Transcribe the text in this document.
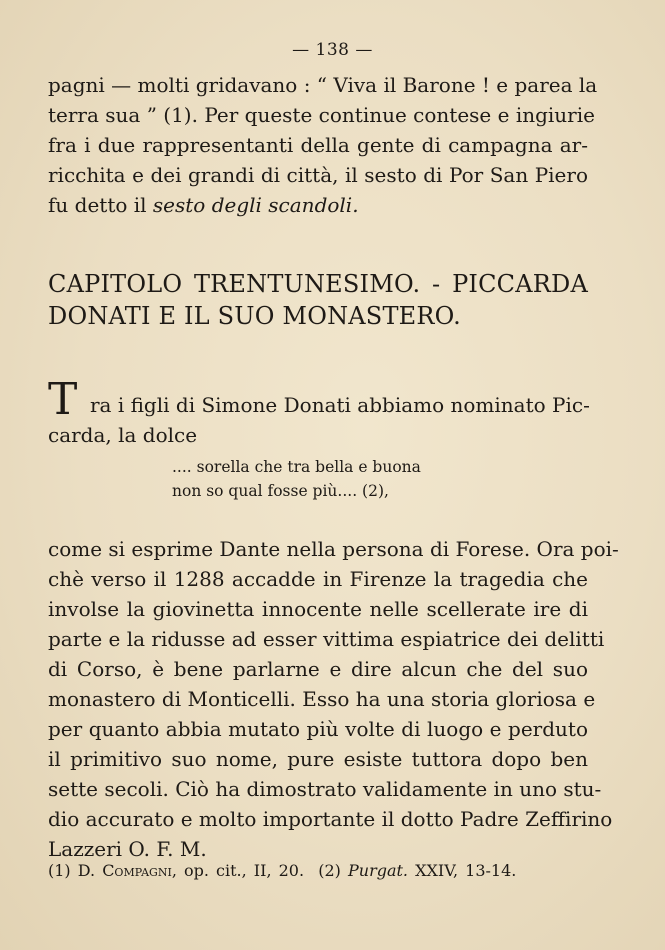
— 138 —
pagni — molti gridavano : “ Viva il Barone ! e parea la
terra sua ” (1). Per queste continue contese e ingiurie
fra i due rappresentanti della gente di campagna ar-
ricchita e dei grandi di città, il sesto di Por San Piero
fu detto il sesto degli scandoli.
CAPITOLO TRENTUNESIMO. - PICCARDA
DONATI E IL SUO MONASTERO.
T ra i figli di Simone Donati abbiamo nominato Pic-
carda, la dolce
.... sorella che tra bella e buona
non so qual fosse più.... (2),
come si esprime Dante nella persona di Forese. Ora poi-
chè verso il 1288 accadde in Firenze la tragedia che
involse la giovinetta innocente nelle scellerate ire di
parte e la ridusse ad esser vittima espiatrice dei delitti
di Corso, è bene parlarne e dire alcun che del suo
monastero di Monticelli. Esso ha una storia gloriosa e
per quanto abbia mutato più volte di luogo e perduto
il primitivo suo nome, pure esiste tuttora dopo ben
sette secoli. Ciò ha dimostrato validamente in uno stu-
dio accurato e molto importante il dotto Padre Zeffirino
Lazzeri O. F. M.
(1) D. Compagni, op. cit., II, 20. (2) Purgat. XXIV, 13-14.
